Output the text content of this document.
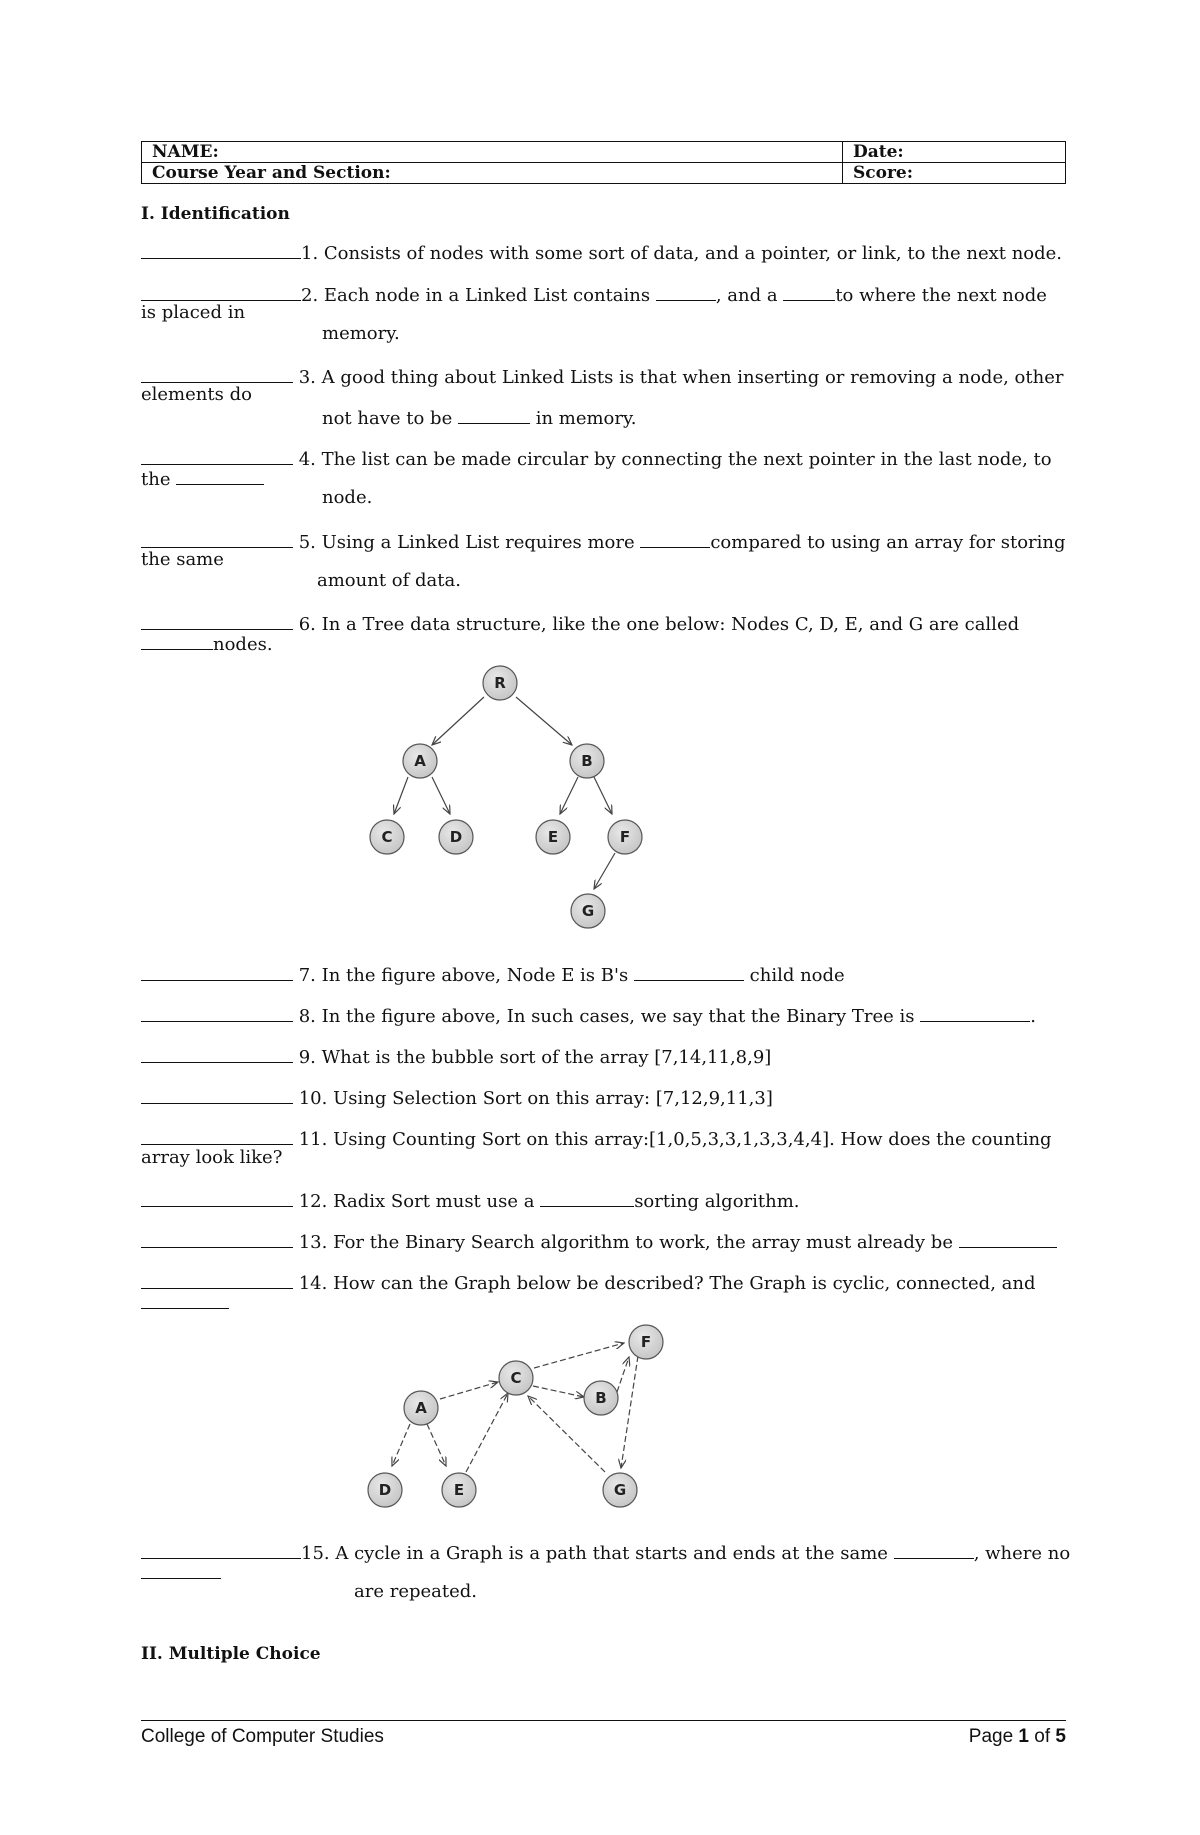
NAME:	Date:
Course Year and Section:	Score:
I. Identification
1. Consists of nodes with some sort of data, and a pointer, or link, to the next node.
2. Each node in a Linked List contains	, and a	to where the next node
is placed in
memory.
3. A good thing about Linked Lists is that when inserting or removing a node, other
elements do
not have to be	in memory.
4. The list can be made circular by connecting the next pointer in the last node, to
the
node.
5. Using a Linked List requires more	compared to using an array for storing
the same
amount of data.
6. In a Tree data structure, like the one below: Nodes C, D, E, and G are called
nodes.
R
A	B
C	D	E	F
G
F
C
A
B
D	E	G
7. In the figure above, Node E is B's	child node
8. In the figure above, In such cases, we say that the Binary Tree is	.
9. What is the bubble sort of the array [7,14,11,8,9]
10. Using Selection Sort on this array: [7,12,9,11,3]
11. Using Counting Sort on this array:[1,0,5,3,3,1,3,3,4,4]. How does the counting
array look like?
12. Radix Sort must use a	sorting algorithm.
13. For the Binary Search algorithm to work, the array must already be
14. How can the Graph below be described? The Graph is cyclic, connected, and
15. A cycle in a Graph is a path that starts and ends at the same	, where no
are repeated.
II. Multiple Choice
College of Computer Studies	Page 1 of 5
